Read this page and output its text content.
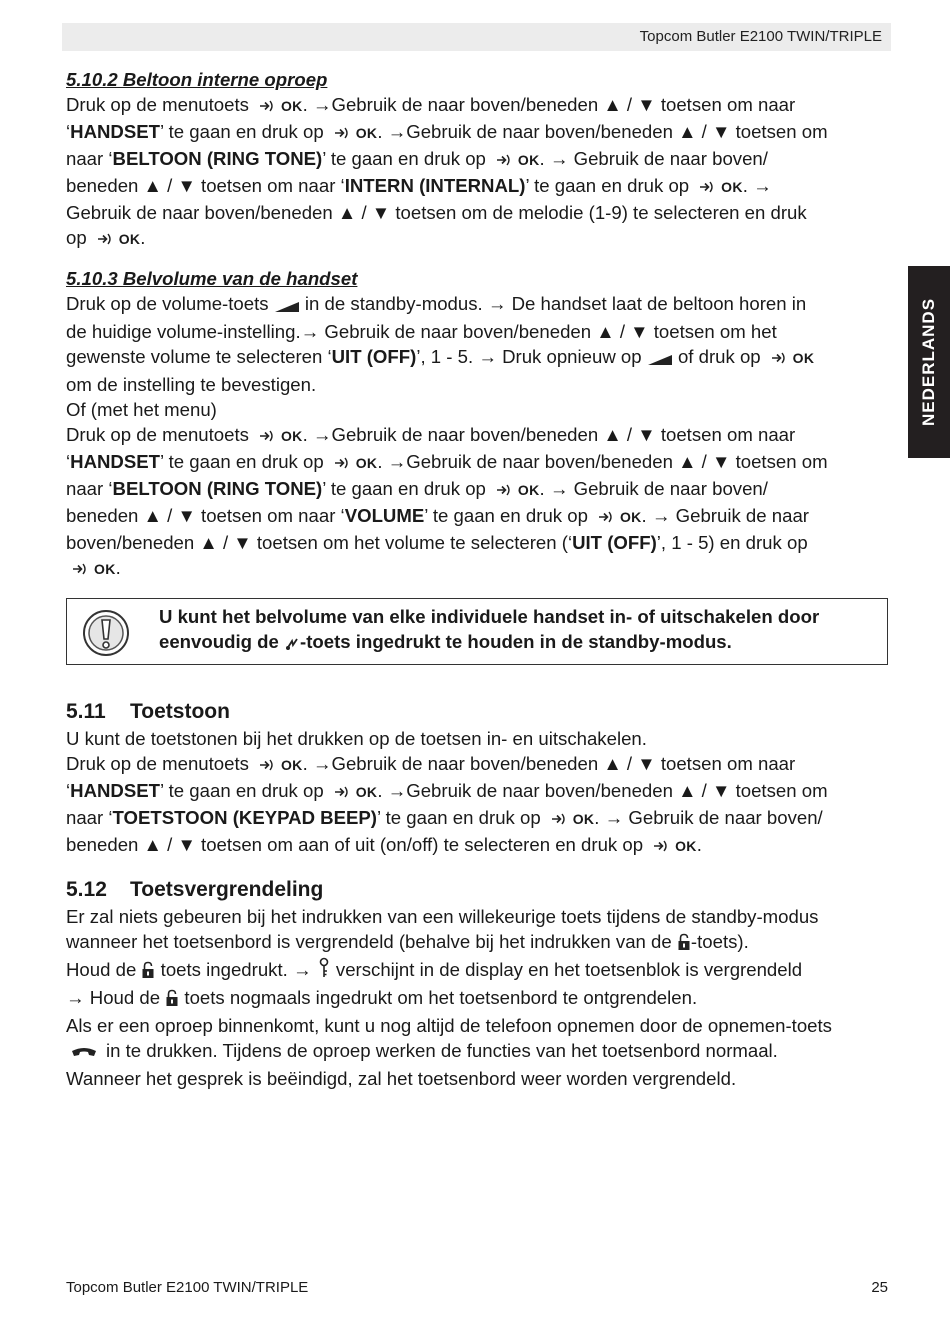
Topcom Butler E2100 TWIN/TRIPLE
NEDERLANDS
5.10.2 Beltoon interne oproep

Druk op de menutoets OK. →Gebruik de naar boven/beneden ▲ / ▼ toetsen om naar

‘HANDSET’ te gaan en druk op OK. →Gebruik de naar boven/beneden ▲ / ▼ toetsen om

naar ‘BELTOON (RING TONE)’ te gaan en druk op OK. → Gebruik de naar boven/

beneden ▲ / ▼ toetsen om naar ‘INTERN (INTERNAL)’ te gaan en druk op OK. →

Gebruik de naar boven/beneden ▲ / ▼ toetsen om de melodie (1-9) te selecteren en druk

op OK.

5.10.3 Belvolume van de handset

Druk op de volume-toets in de standby-modus. → De handset laat de beltoon horen in

de huidige volume-instelling.→ Gebruik de naar boven/beneden ▲ / ▼ toetsen om het

gewenste volume te selecteren ‘UIT (OFF)’, 1 - 5. → Druk opnieuw op of druk op OK

om de instelling te bevestigen.

Of (met het menu)

Druk op de menutoets OK. →Gebruik de naar boven/beneden ▲ / ▼ toetsen om naar

‘HANDSET’ te gaan en druk op OK. →Gebruik de naar boven/beneden ▲ / ▼ toetsen om

naar ‘BELTOON (RING TONE)’ te gaan en druk op OK. → Gebruik de naar boven/

beneden ▲ / ▼ toetsen om naar ‘VOLUME’ te gaan en druk op OK. → Gebruik de naar

boven/beneden ▲ / ▼ toetsen om het volume te selecteren (‘UIT (OFF)’, 1 - 5) en druk op

OK.

U kunt het belvolume van elke individuele handset in- of uitschakelen door
eenvoudig de -toets ingedrukt te houden in de standby-modus.
5.11 Toetstoon

U kunt de toetstonen bij het drukken op de toetsen in- en uitschakelen.

Druk op de menutoets OK. →Gebruik de naar boven/beneden ▲ / ▼ toetsen om naar

‘HANDSET’ te gaan en druk op OK. →Gebruik de naar boven/beneden ▲ / ▼ toetsen om

naar ‘TOETSTOON (KEYPAD BEEP)’ te gaan en druk op OK. → Gebruik de naar boven/

beneden ▲ / ▼ toetsen om aan of uit (on/off) te selecteren en druk op OK.

5.12 Toetsvergrendeling

Er zal niets gebeuren bij het indrukken van een willekeurige toets tijdens de standby-modus

wanneer het toetsenbord is vergrendeld (behalve bij het indrukken van de -toets).

Houd de toets ingedrukt. → verschijnt in de display en het toetsenblok is vergrendeld

→ Houd de toets nogmaals ingedrukt om het toetsenbord te ontgrendelen.

Als er een oproep binnenkomt, kunt u nog altijd de telefoon opnemen door de opnemen-toets

in te drukken. Tijdens de oproep werken de functies van het toetsenbord normaal.

Wanneer het gesprek is beëindigd, zal het toetsenbord weer worden vergrendeld.

Topcom Butler E2100 TWIN/TRIPLE	25
